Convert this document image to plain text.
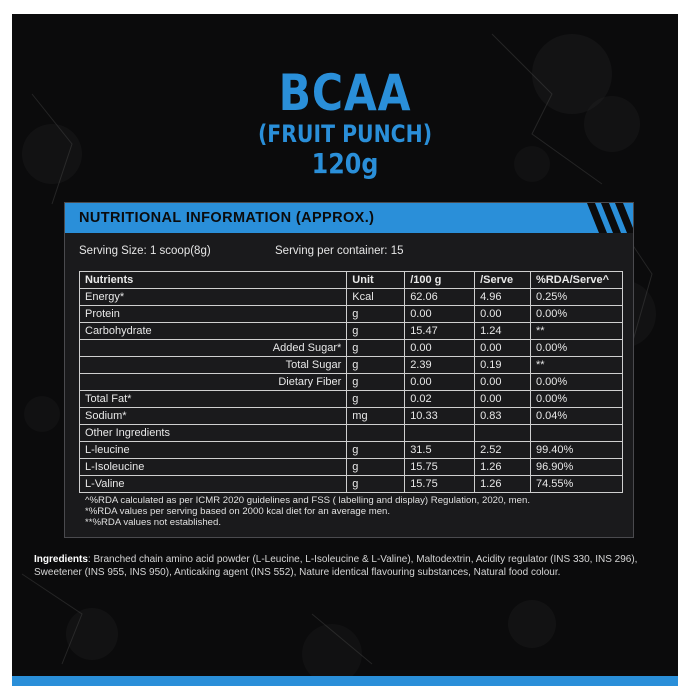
BCAA
(FRUIT PUNCH)
120g
NUTRITIONAL INFORMATION (APPROX.)
Serving Size: 1 scoop(8g)	Serving per container: 15
Nutrients	Unit	/100 g	/Serve	%RDA/Serve^
Energy*	Kcal	62.06	4.96	0.25%
Protein	g	0.00	0.00	0.00%
Carbohydrate	g	15.47	1.24	**
Added Sugar*	g	0.00	0.00	0.00%
Total Sugar	g	2.39	0.19	**
Dietary Fiber	g	0.00	0.00	0.00%
Total Fat*	g	0.02	0.00	0.00%
Sodium*	mg	10.33	0.83	0.04%
Other Ingredients				
L-leucine	g	31.5	2.52	99.40%
L-Isoleucine	g	15.75	1.26	96.90%
L-Valine	g	15.75	1.26	74.55%
^%RDA calculated as per ICMR 2020 guidelines and FSS ( labelling and display) Regulation, 2020, men.
*%RDA values per serving based on 2000 kcal diet for an average men.
**%RDA values not established.
Ingredients: Branched chain amino acid powder (L-Leucine, L-Isoleucine & L-Valine), Maltodextrin, Acidity regulator (INS 330, INS 296), Sweetener (INS 955, INS 950), Anticaking agent (INS 552), Nature identical flavouring substances, Natural food colour.
